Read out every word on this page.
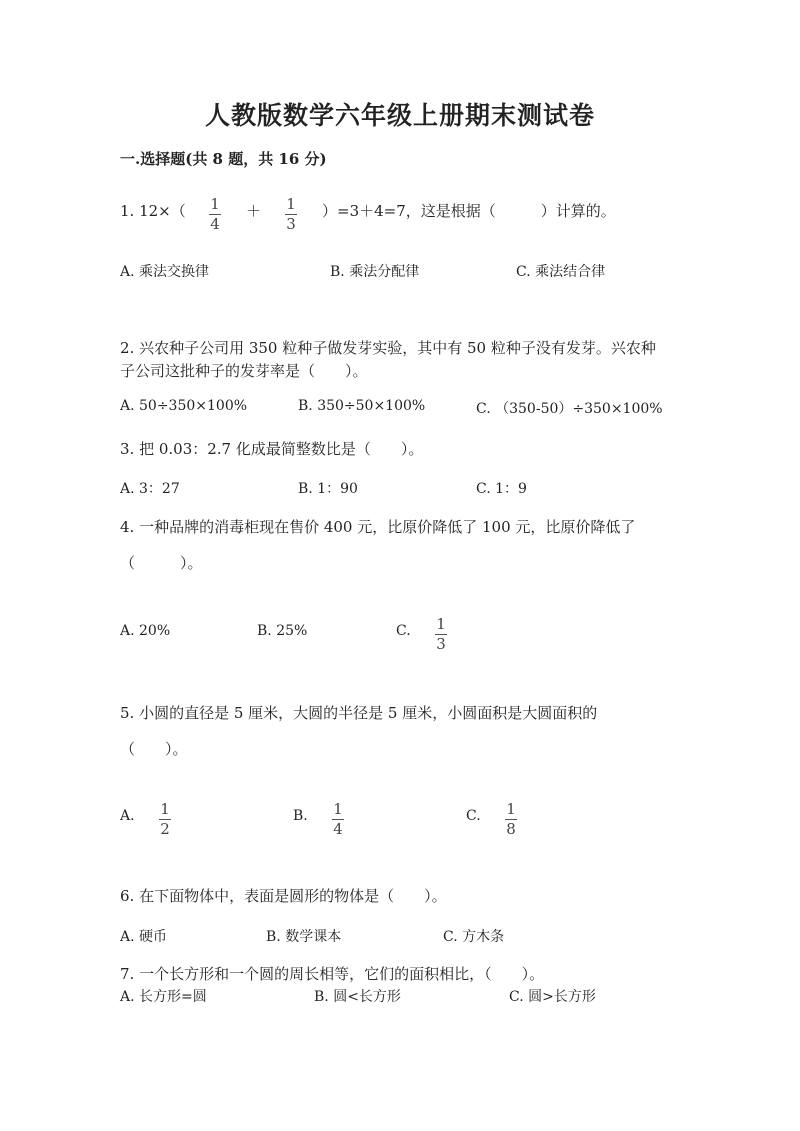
人教版数学六年级上册期末测试卷
一.选择题(共 8 题，共 16 分)
1. 12×（ 1
4
＋ 1
3
）=3＋4=7，这是根据（　　　）计算的。
A. 乘法交换律	B. 乘法分配律	C. 乘法结合律
2. 兴农种子公司用 350 粒种子做发芽实验，其中有 50 粒种子没有发芽。兴农种
子公司这批种子的发芽率是（　　）。
A. 50÷350×100%	B. 350÷50×100%	C. （350-50）÷350×100%
3. 把 0.03：2.7 化成最简整数比是（　　）。
A. 3：27	B. 1：90	C. 1：9
4. 一种品牌的消毒柜现在售价 400 元，比原价降低了 100 元，比原价降低了
（　　　）。
A. 20%	B. 25%	C. 1
3
5. 小圆的直径是 5 厘米，大圆的半径是 5 厘米，小圆面积是大圆面积的
（　　）。
A. 1
2
B. 1
4
C. 1
8
6. 在下面物体中，表面是圆形的物体是（　　）。
A. 硬币	B. 数学课本	C. 方木条
7. 一个长方形和一个圆的周长相等，它们的面积相比，（　　）。
A. 长方形=圆	B. 圆<长方形	C. 圆>长方形
